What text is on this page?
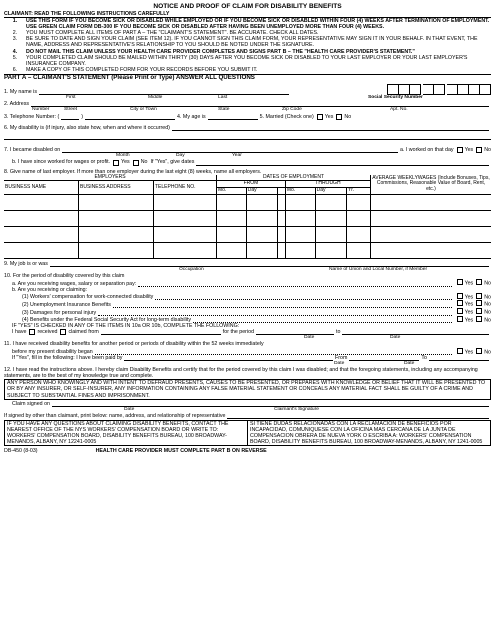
NOTICE AND PROOF OF CLAIM FOR DISABILITY BENEFITS
CLAIMANT: READ THE FOLLOWING INSTRUCTIONS CAREFULLY
1.	USE THIS FORM IF YOU BECOME SICK OR DISABLED WHILE EMPLOYED OR IF YOU BECOME SICK OR DISABLED WITHIN FOUR (4) WEEKS AFTER TERMINATION OF EMPLOYMENT. USE GREEN CLAIM FORM DB-300 IF YOU BECOME SICK OR DISABLED AFTER HAVING BEEN UNEMPLOYED MORE THAN FOUR (4) WEEKS.
2.	YOU MUST COMPLETE ALL ITEMS OF PART A – THE "CLAIMANT'S STATEMENT". BE ACCURATE. CHECK ALL DATES.
3.	BE SURE TO DATE AND SIGN YOUR CLAIM (SEE ITEM 12). IF YOU CANNOT SIGN THIS CLAIM FORM, YOUR REPRESENTATIVE MAY SIGN IT IN YOUR BEHALF. IN THAT EVENT, THE NAME, ADDRESS AND REPRESENTATIVE'S RELATIONSHIP TO YOU SHOULD BE NOTED UNDER THE SIGNATURE.
4.	DO NOT MAIL THIS CLAIM UNLESS YOUR HEALTH CARE PROVIDER COMPLETES AND SIGNS PART B – THE "HEALTH CARE PROVIDER'S STATEMENT."
5.	YOUR COMPLETED CLAIM SHOULD BE MAILED WITHIN THIRTY (30) DAYS AFTER YOU BECOME SICK OR DISABLED TO YOUR LAST EMPLOYER OR YOUR LAST EMPLOYER'S INSURANCE COMPANY.
6.	MAKE A COPY OF THIS COMPLETED FORM FOR YOUR RECORDS BEFORE YOU SUBMIT IT.
PART A – CLAIMANT'S STATEMENT (Please Print or Type) ANSWER ALL QUESTIONS
1. My name is
First	Middle	Last	Social Security Number
2. Address
Number	Street	City or Town	State	Zip Code	Apt. No.
3. Telephone Number: (	)	4. My age is	5. Married (Check one) Yes No
6. My disability is (if injury, also state how, when and where it occurred)
7. I became disabled on	a. I worked on that day Yes No
Month	Day	Year
b. I have since worked for wages or profit. Yes No If "Yes", give dates
8. Give name of last employer. If more than one employer during the last eight (8) weeks, name all employers.
EMPLOYERS			DATES OF EMPLOYMENT						AVERAGE WEEKLYWAGES (Include Bonuses, Tips, Commissions, Reasonable Value of Board, Rent, etc.)
BUSINESS NAME	BUSINESS ADDRESS	TELEPHONE NO.	FROM			THROUGH			
			Mo.	Day		Mo.	Day	Yr.	

9. My job is or was
Occupation	Name of Union and Local Number, if Member
10. For the period of disability covered by this claim
a. Are you receiving wages, salary or separation pay:	Yes No
b. Are you receiving or claiming:
(1) Workers' compensation for work-connected disability	Yes No
(2) Unemployment Insurance Benefits	Yes No
(3) Damages for personal injury	Yes No
(4) Benefits under the Federal Social Security Act for long-term disability	Yes No
IF "YES" IS CHECKED IN ANY OF THE ITEMS IN 10a OR 10b, COMPLETE THE FOLLOWING:
I have received claimed from	for the period	to
Date	Date
11. I have received disability benefits for another period or periods of disability within the 52 weeks immediately
before my present disability began	Yes No
If "Yes", fill in the following: I have been paid by	From	To
Date	Date
12. I have read the instructions above. I hereby claim Disability Benefits and certify that for the period covered by this claim I was disabled; and that the foregoing statements, including any accompanying statements, are to the best of my knowledge true and complete.
ANY PERSON WHO KNOWINGLY AND WITH INTENT TO DEFRAUD PRESENTS, CAUSES TO BE PRESENTED, OR PREPARES WITH KNOWLEDGE OR BELIEF THAT IT WILL BE PRESENTED TO OR BY ANY INSURER, OR SELF-INSURER, ANY INFORMATION CONTAINING ANY FALSE MATERIAL STATEMENT OR CONCEALS ANY MATERIAL FACT SHALL BE GUILTY OF A CRIME AND SUBJECT TO SUBSTANTIAL FINES AND IMPRISONMENT.
Claim signed on
Date	Claimant's Signature
If signed by other than claimant, print below: name, address, and relationship of representative
IF YOU HAVE ANY QUESTIONS ABOUT CLAIMING DISABILITY BENEFITS, CONTACT THE NEAREST OFFICE OF THE NYS WORKERS' COMPENSATION BOARD OR WRITE TO: WORKERS' COMPENSATION BOARD, DISABILITY BENEFITS BUREAU, 100 BROADWAY-MENANDS, ALBANY, NY 12241-0005
SI TIENE DUDAS RELACIONADAS CON LA RECLAMACION DE BENEFICIOS POR INCAPACIDAD, COMUNIQUESE CON LA OFICINA MAS CERCANA DE LA JUNTA DE COMPENSACION OBRERA DE NUEVA YORK O ESCRIBA A: WORKERS' COMPENSATION BOARD, DISABILITY BENEFITS BUREAU, 100 BROADWAY-MENANDS, ALBANY, NY 1241-0005
DB-450 (8-03)	HEALTH CARE PROVIDER MUST COMPLETE PART B ON REVERSE
